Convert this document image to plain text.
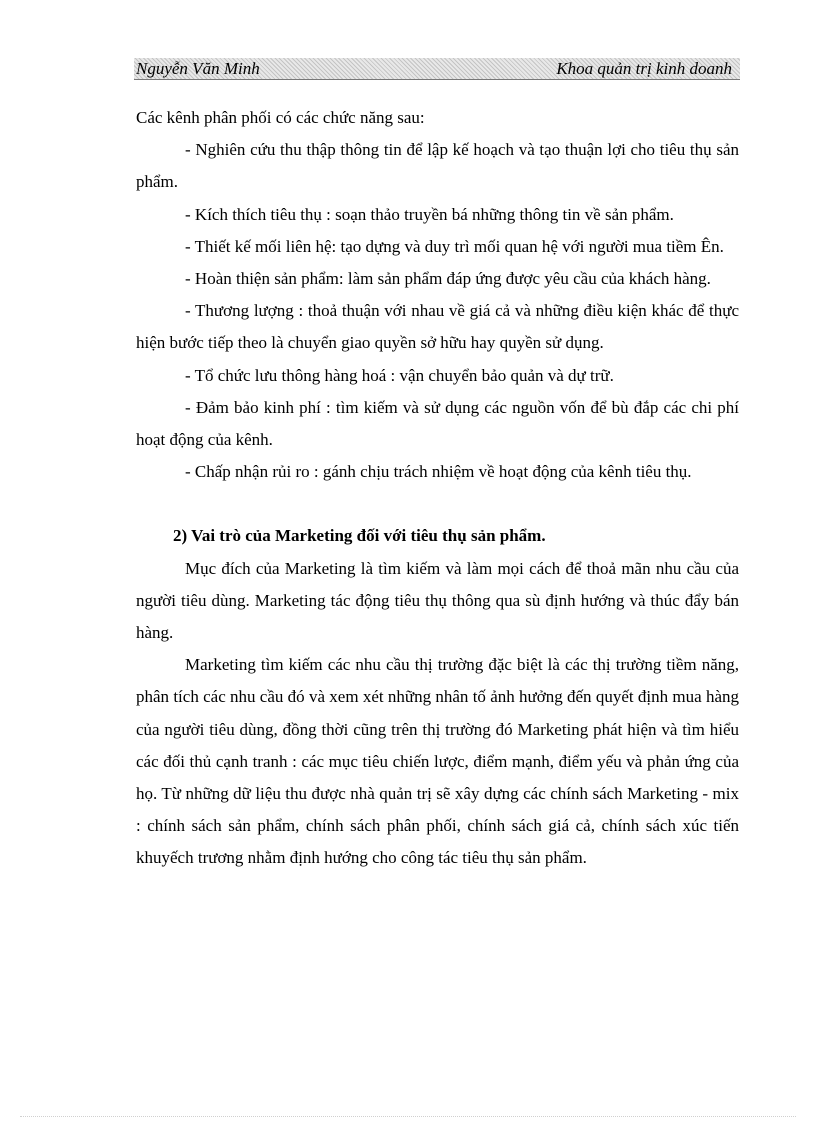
Nguyễn Văn Minh	Khoa quản trị kinh doanh

Các kênh phân phối có các chức năng sau:

- Nghiên cứu thu thập thông tin để lập kế hoạch và tạo thuận lợi cho tiêu thụ sản phẩm.

- Kích thích tiêu thụ : soạn thảo truyền bá những thông tin về sản phẩm.

- Thiết kế mối liên hệ: tạo dựng và duy trì mối quan hệ với người mua tiềm Ên.

- Hoàn thiện sản phẩm: làm sản phẩm đáp ứng được yêu cầu của khách hàng.

- Thương lượng : thoả thuận với nhau về giá cả và những điều kiện khác để thực hiện bước tiếp theo là chuyển giao quyền sở hữu hay quyền sử dụng.

- Tổ chức lưu thông hàng hoá : vận chuyển bảo quản và dự trữ.

- Đảm bảo kinh phí : tìm kiếm và sử dụng các nguồn vốn để bù đắp các chi phí hoạt động của kênh.

- Chấp nhận rủi ro : gánh chịu trách nhiệm về hoạt động của kênh tiêu thụ.

2) Vai trò của Marketing đối với tiêu thụ sản phẩm.

Mục đích của Marketing là tìm kiếm và làm mọi cách để thoả mãn nhu cầu của người tiêu dùng. Marketing tác động tiêu thụ thông qua sù định hướng và thúc đẩy bán hàng.

Marketing tìm kiếm các nhu cầu thị trường đặc biệt là các thị trường tiềm năng, phân tích các nhu cầu đó và xem xét những nhân tố ảnh hưởng đến quyết định mua hàng của người tiêu dùng, đồng thời cũng trên thị trường đó Marketing phát hiện và tìm hiểu các đối thủ cạnh tranh : các mục tiêu chiến lược, điểm mạnh, điểm yếu và phản ứng của họ. Từ những dữ liệu thu được nhà quản trị sẽ xây dựng các chính sách Marketing - mix : chính sách sản phẩm, chính sách phân phối, chính sách giá cả, chính sách xúc tiến khuyếch trương nhằm định hướng cho công tác tiêu thụ sản phẩm.
